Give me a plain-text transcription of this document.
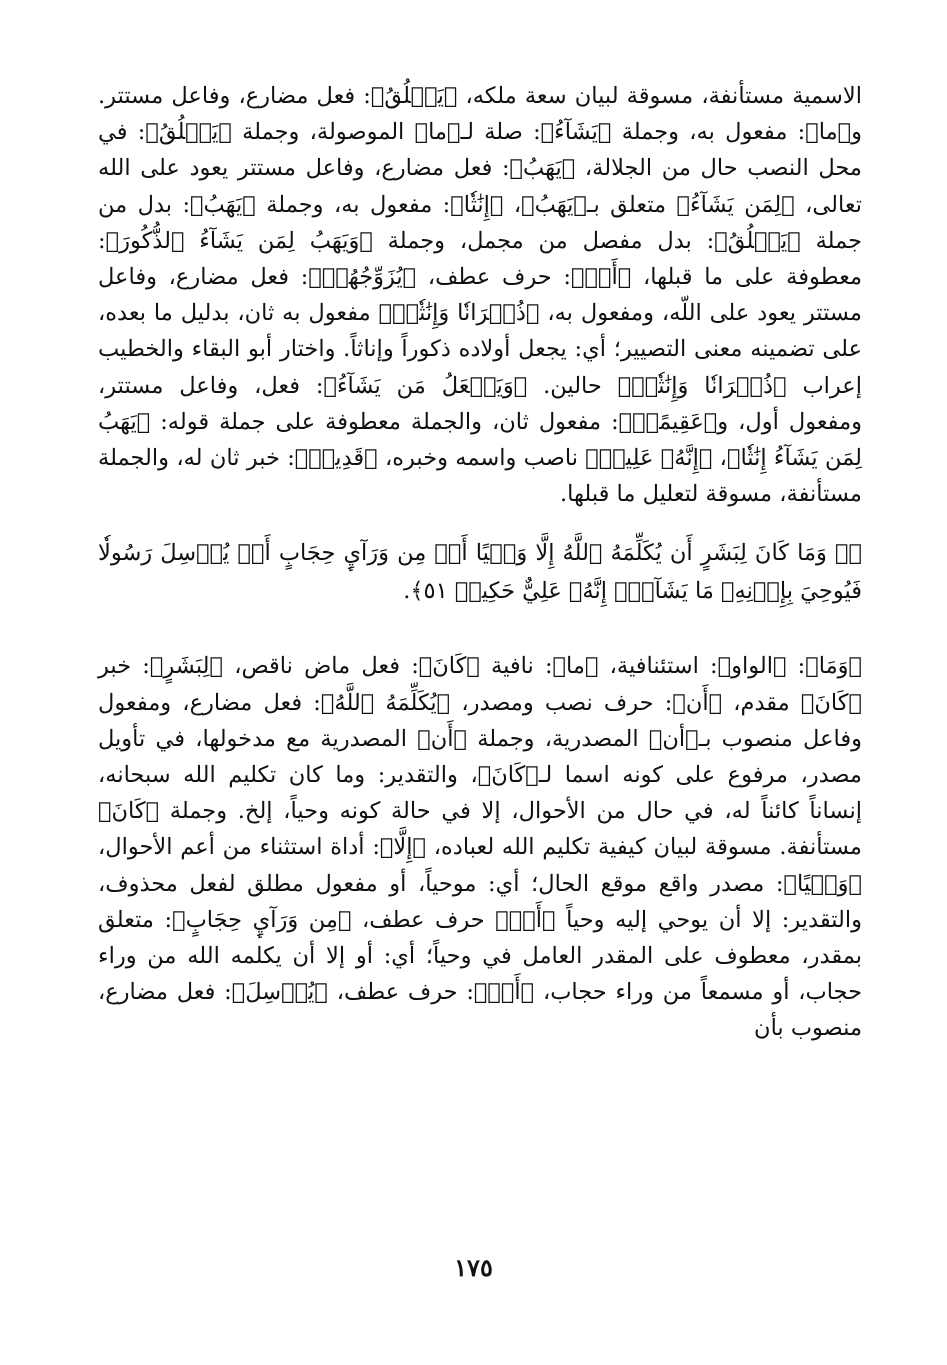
الاسمية مستأنفة، مسوقة لبيان سعة ملكه، ﴿يَخۡلُقُ﴾: فعل مضارع، وفاعل مستتر. و﴿ما﴾: مفعول به، وجملة ﴿يَشَآءُ﴾: صلة لـ﴿ما﴾ الموصولة، وجملة ﴿يَخۡلُقُ﴾: في محل النصب حال من الجلالة، ﴿يَهَبُ﴾: فعل مضارع، وفاعل مستتر يعود على الله تعالى، ﴿لِمَن يَشَآءُ﴾ متعلق بـ﴿يَهَبُ﴾، ﴿إِنَٰثٗا﴾: مفعول به، وجملة ﴿يَهَبُ﴾: بدل من جملة ﴿يَخۡلُقُ﴾: بدل مفصل من مجمل، وجملة ﴿وَيَهَبُ لِمَن يَشَآءُ ٱلذُّكُورَ﴾: معطوفة على ما قبلها، ﴿أَوۡ﴾: حرف عطف، ﴿يُزَوِّجُهُمۡ﴾: فعل مضارع، وفاعل مستتر يعود على اللّه، ومفعول به، ﴿ذُكۡرَانٗا وَإِنَٰثٗاۖ﴾ مفعول به ثان، بدليل ما بعده، على تضمينه معنى التصيير؛ أي: يجعل أولاده ذكوراً وإناثاً. واختار أبو البقاء والخطيب إعراب ﴿ذُكۡرَانٗا وَإِنَٰثٗاۖ﴾ حالين. ﴿وَيَجۡعَلُ مَن يَشَآءُ﴾: فعل، وفاعل مستتر، ومفعول أول، و﴿عَقِيمًاۚ﴾: مفعول ثان، والجملة معطوفة على جملة قوله: ﴿يَهَبُ لِمَن يَشَآءُ إِنَٰثٗا﴾، ﴿إِنَّهُۥ عَلِيمٞ﴾ ناصب واسمه وخبره، ﴿قَدِيرٞ﴾: خبر ثان له، والجملة مستأنفة، مسوقة لتعليل ما قبلها.

﴿۞ وَمَا كَانَ لِبَشَرٍ أَن يُكَلِّمَهُ ٱللَّهُ إِلَّا وَحۡيًا أَوۡ مِن وَرَآيِٕ حِجَابٍ أَوۡ يُرۡسِلَ رَسُولٗا فَيُوحِيَ بِإِذۡنِهِۦ مَا يَشَآءُۚ إِنَّهُۥ عَلِيٌّ حَكِيمٞ ٥١﴾.

﴿وَمَا﴾: ﴿الواو﴾: استئنافية، ﴿ما﴾: نافية ﴿كَانَ﴾: فعل ماض ناقص، ﴿لِبَشَرٍ﴾: خبر ﴿كَانَ﴾ مقدم، ﴿أَن﴾: حرف نصب ومصدر، ﴿يُكَلِّمَهُ ٱللَّهُ﴾: فعل مضارع، ومفعول وفاعل منصوب بـ﴿أن﴾ المصدرية، وجملة ﴿أَن﴾ المصدرية مع مدخولها، في تأويل مصدر، مرفوع على كونه اسما لـ﴿كَانَ﴾، والتقدير: وما كان تكليم الله سبحانه، إنساناً كائناً له، في حال من الأحوال، إلا في حالة كونه وحياً، إلخ. وجملة ﴿كَانَ﴾ مستأنفة. مسوقة لبيان كيفية تكليم الله لعباده، ﴿إِلَّا﴾: أداة استثناء من أعم الأحوال، ﴿وَحۡيًا﴾: مصدر واقع موقع الحال؛ أي: موحياً، أو مفعول مطلق لفعل محذوف، والتقدير: إلا أن يوحي إليه وحياً ﴿أَوۡ﴾ حرف عطف، ﴿مِن وَرَآيِٕ حِجَابٍ﴾: متعلق بمقدر، معطوف على المقدر العامل في وحياً؛ أي: أو إلا أن يكلمه الله من وراء حجاب، أو مسمعاً من وراء حجاب، ﴿أَوۡ﴾: حرف عطف، ﴿يُرۡسِلَ﴾: فعل مضارع، منصوب بأن

١٧٥
